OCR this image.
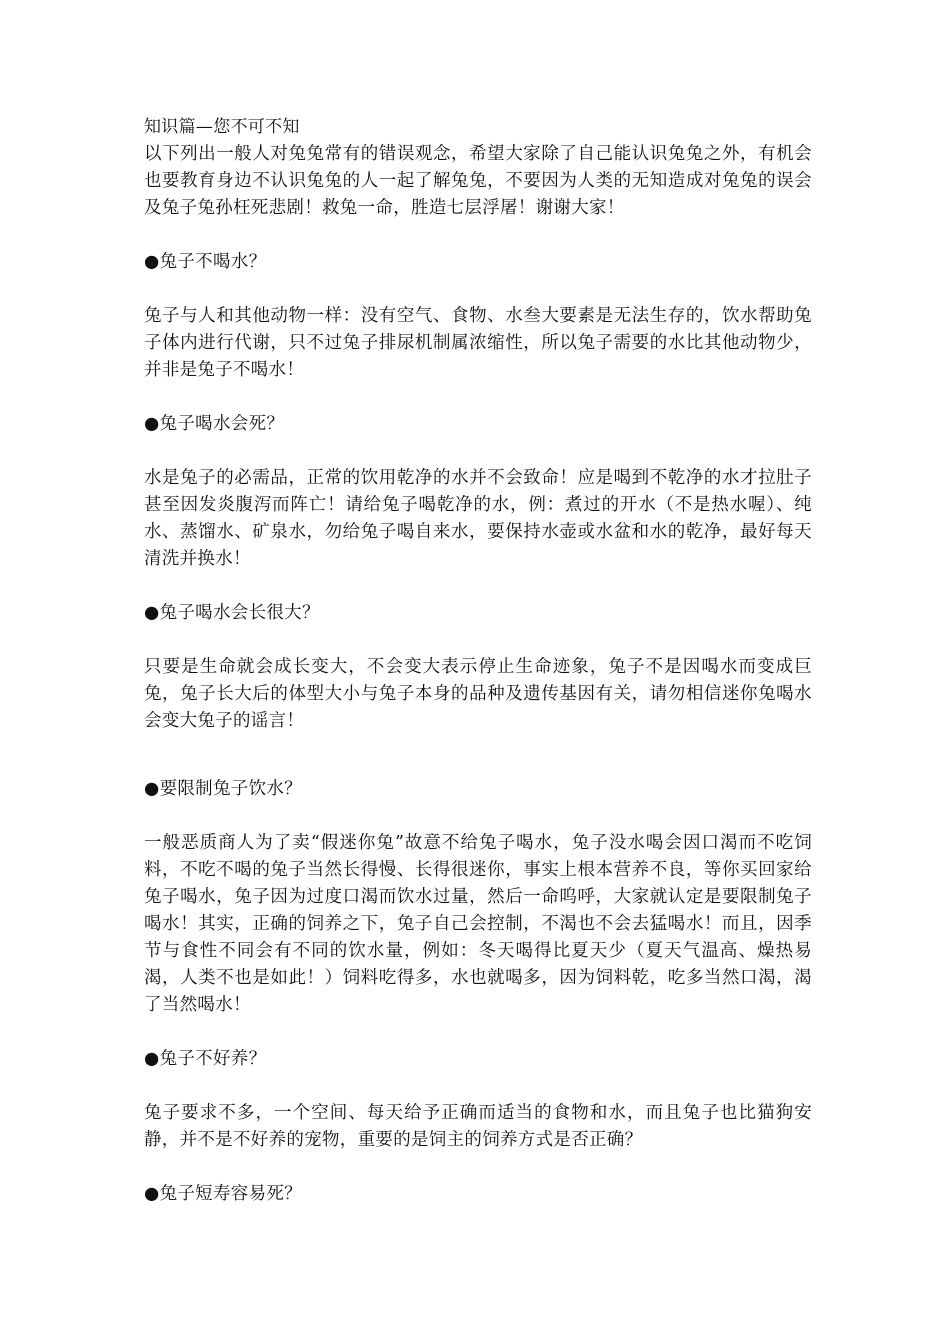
知识篇—您不可不知

以下列出一般人对兔兔常有的错误观念，希望大家除了自己能认识兔兔之外，有机会也要教育身边不认识兔兔的人一起了解兔兔，不要因为人类的无知造成对兔兔的误会及兔子兔孙枉死悲剧！救兔一命，胜造七层浮屠！谢谢大家！

●兔子不喝水？

兔子与人和其他动物一样：没有空气、食物、水叁大要素是无法生存的，饮水帮助兔子体内进行代谢，只不过兔子排尿机制属浓缩性，所以兔子需要的水比其他动物少，并非是兔子不喝水！

●兔子喝水会死？

水是兔子的必需品，正常的饮用乾净的水并不会致命！应是喝到不乾净的水才拉肚子甚至因发炎腹泻而阵亡！请给兔子喝乾净的水，例：煮过的开水（不是热水喔）、纯水、蒸馏水、矿泉水，勿给兔子喝自来水，要保持水壶或水盆和水的乾净，最好每天清洗并换水！

●兔子喝水会长很大？

只要是生命就会成长变大，不会变大表示停止生命迹象，兔子不是因喝水而变成巨兔，兔子长大后的体型大小与兔子本身的品种及遗传基因有关，请勿相信迷你兔喝水会变大兔子的谣言！

●要限制兔子饮水？

一般恶质商人为了卖“假迷你兔”故意不给兔子喝水，兔子没水喝会因口渴而不吃饲料，不吃不喝的兔子当然长得慢、长得很迷你，事实上根本营养不良，等你买回家给兔子喝水，兔子因为过度口渴而饮水过量，然后一命呜呼，大家就认定是要限制兔子喝水！其实，正确的饲养之下，兔子自己会控制，不渴也不会去猛喝水！而且，因季节与食性不同会有不同的饮水量，例如：冬天喝得比夏天少（夏天气温高、燥热易渴，人类不也是如此！）饲料吃得多，水也就喝多，因为饲料乾，吃多当然口渴，渴了当然喝水！

●兔子不好养？

兔子要求不多，一个空间、每天给予正确而适当的食物和水，而且兔子也比猫狗安静，并不是不好养的宠物，重要的是饲主的饲养方式是否正确？

●兔子短寿容易死？
